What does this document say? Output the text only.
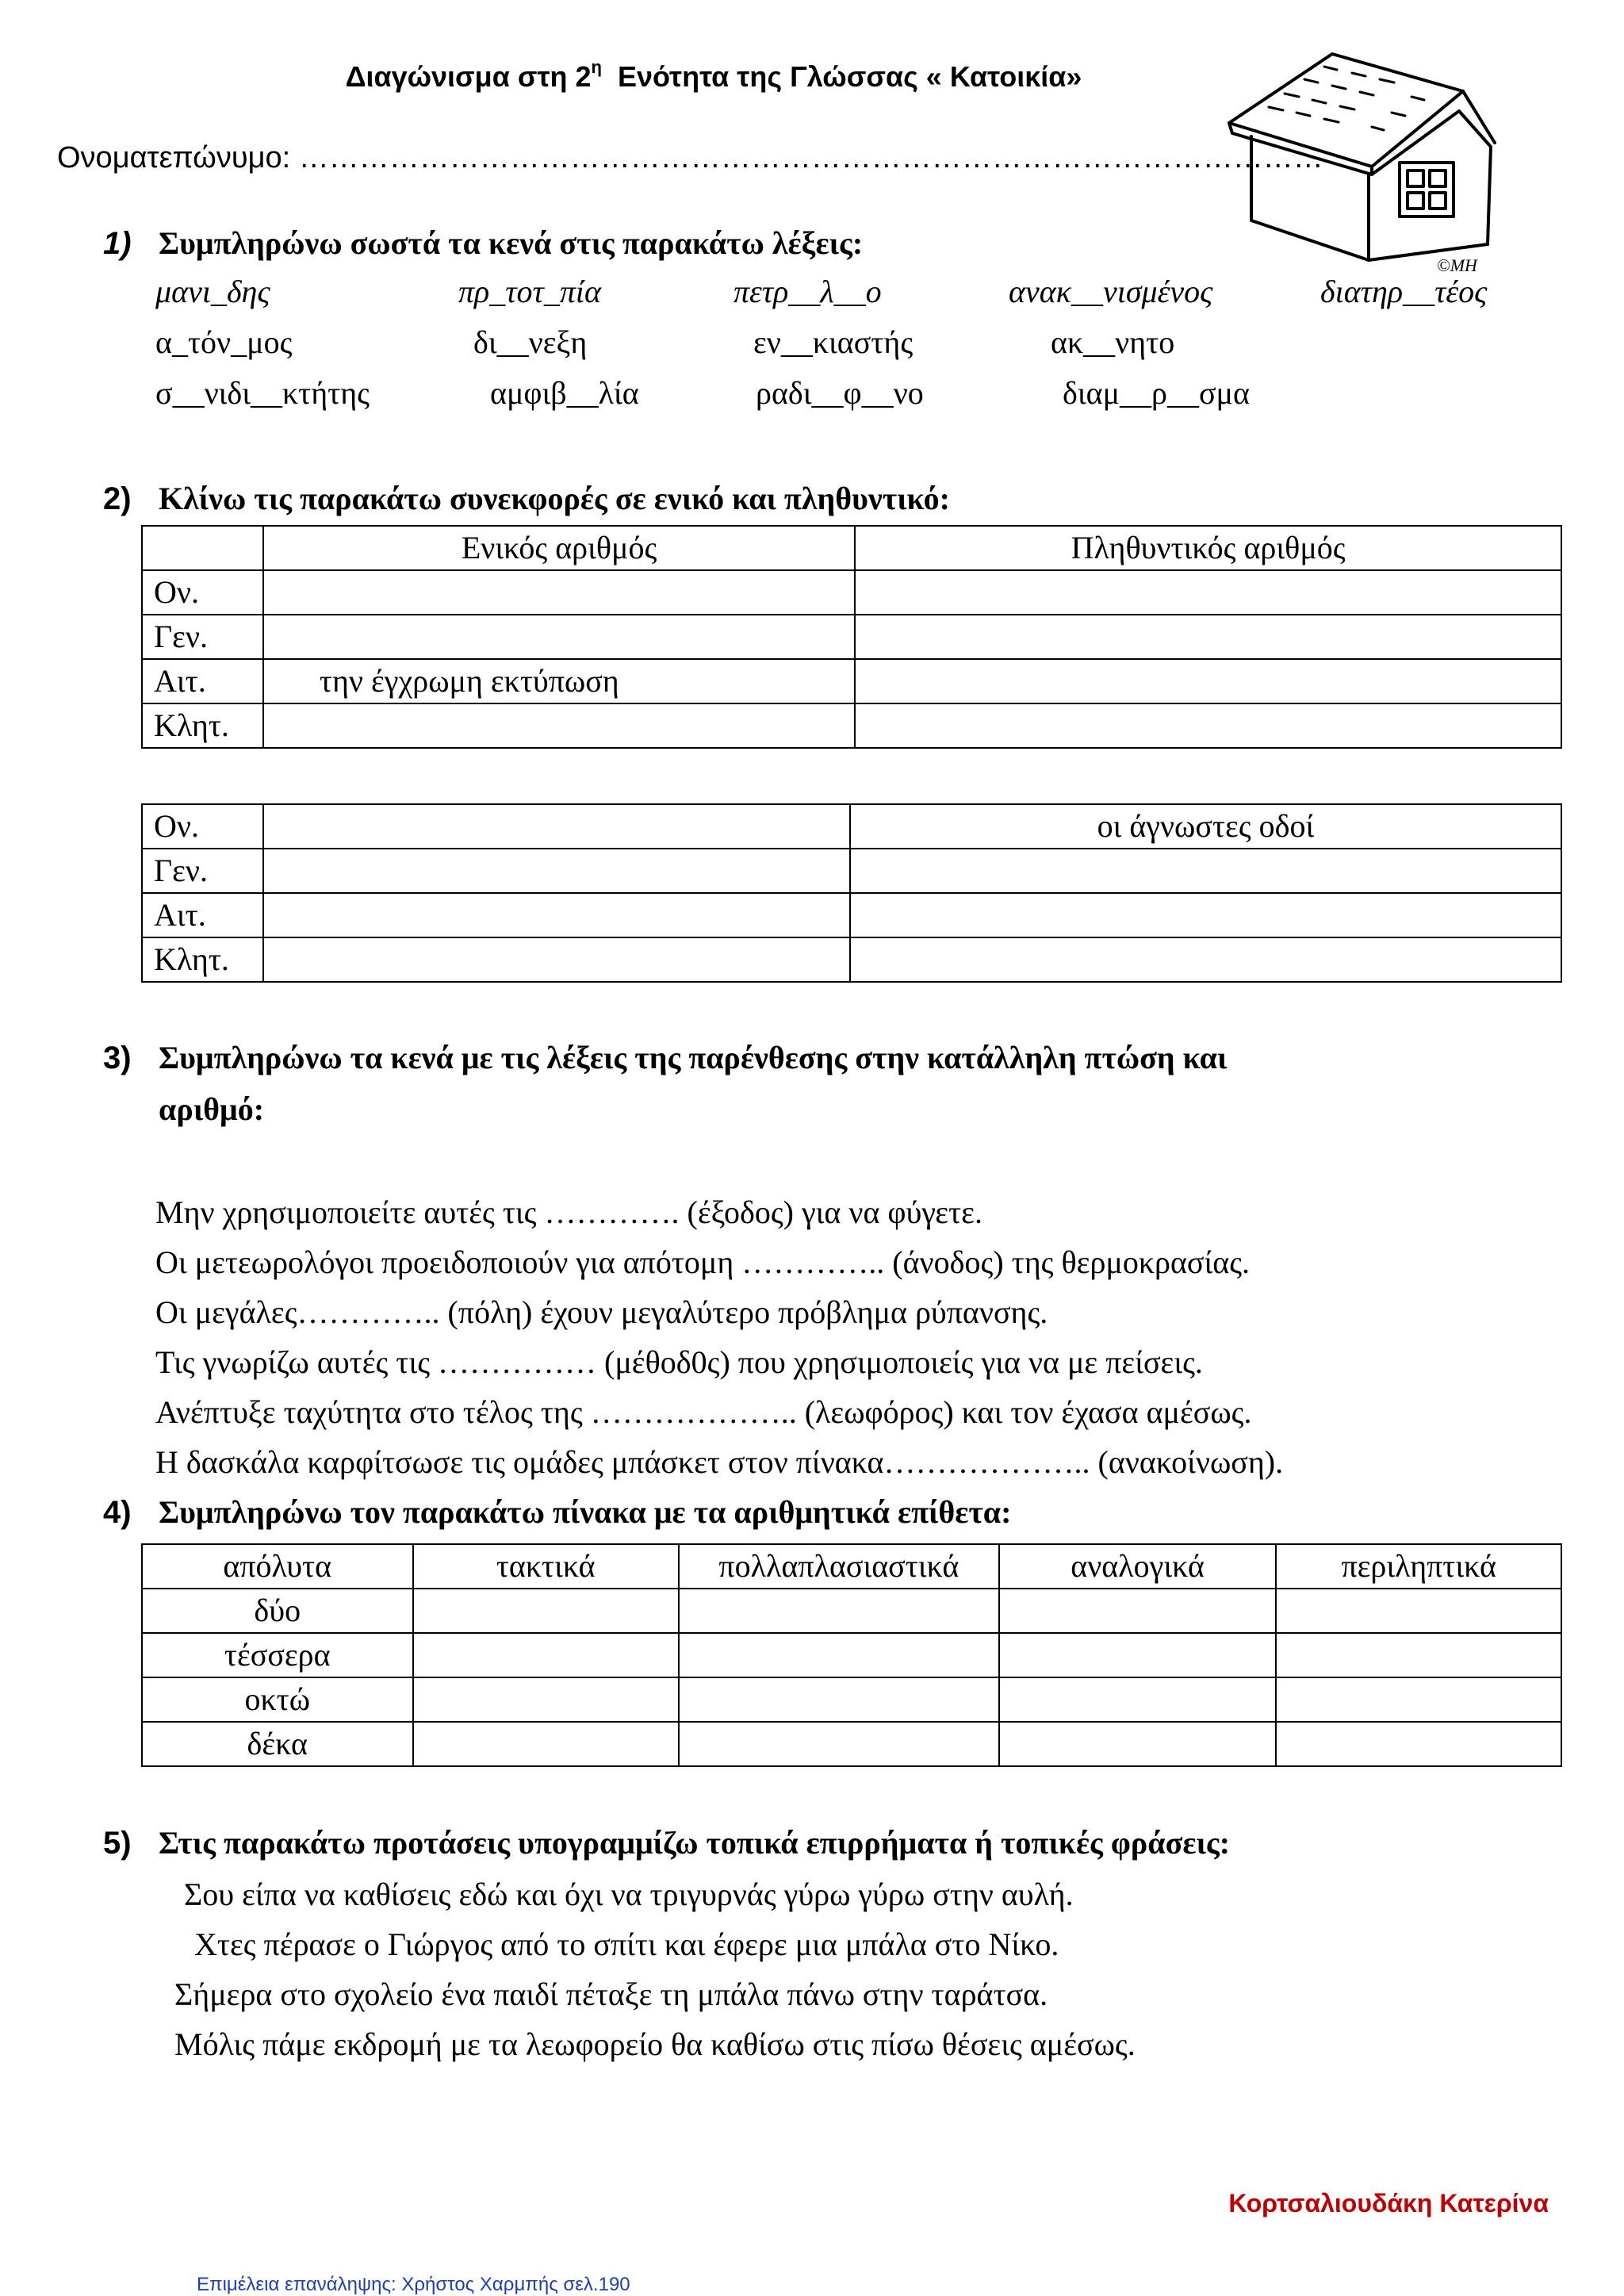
Διαγώνισμα στη $2^\eta$ Ενότητα της Γλώσσας « Κατοικία»
Ονοματεπώνυμο: …………………………………………………………………………………………
©MH
1) Συμπληρώνω σωστά τα κενά στις παρακάτω λέξεις:
μανι_δης	πρ_τοτ_πία	πετρ__λ__ο	ανακ__νισμένος	διατηρ__τέος
α_τόν_μος	δι__νεξη	εν__κιαστής	ακ__νητο
σ__νιδι__κτήτης	αμφιβ__λία	ραδι__φ__νο	διαμ__ρ__σμα
2) Κλίνω τις παρακάτω συνεκφορές σε ενικό και πληθυντικό:
	Ενικός αριθμός	Πληθυντικός αριθμός
Ον.		
Γεν.		
Αιτ.	την έγχρωμη εκτύπωση	
Κλητ.		
Ον.		οι άγνωστες οδοί
Γεν.		
Αιτ.		
Κλητ.		
3) Συμπληρώνω τα κενά με τις λέξεις της παρένθεσης στην κατάλληλη πτώση και
αριθμό:
Μην χρησιμοποιείτε αυτές τις …………. (έξοδος) για να φύγετε.
Οι μετεωρολόγοι προειδοποιούν για απότομη ………….. (άνοδος) της θερμοκρασίας.
Οι μεγάλες………….. (πόλη) έχουν μεγαλύτερο πρόβλημα ρύπανσης.
Τις γνωρίζω αυτές τις …………… (μέθοδ0ς) που χρησιμοποιείς για να με πείσεις.
Ανέπτυξε ταχύτητα στο τέλος της ……………….. (λεωφόρος) και τον έχασα αμέσως.
Η δασκάλα καρφίτσωσε τις ομάδες μπάσκετ στον πίνακα……………….. (ανακοίνωση).
4) Συμπληρώνω τον παρακάτω πίνακα με τα αριθμητικά επίθετα:
απόλυτα	τακτικά	πολλαπλασιαστικά	αναλογικά	περιληπτικά
δύο				
τέσσερα				
οκτώ				
δέκα				
5) Στις παρακάτω προτάσεις υπογραμμίζω τοπικά επιρρήματα ή τοπικές φράσεις:
Σου είπα να καθίσεις εδώ και όχι να τριγυρνάς γύρω γύρω στην αυλή.
Χτες πέρασε ο Γιώργος από το σπίτι και έφερε μια μπάλα στο Νίκο.
Σήμερα στο σχολείο ένα παιδί πέταξε τη μπάλα πάνω στην ταράτσα.
Μόλις πάμε εκδρομή με τα λεωφορείο θα καθίσω στις πίσω θέσεις αμέσως.
Κορτσαλιουδάκη Κατερίνα
Επιμέλεια επανάληψης: Χρήστος Χαρμπής σελ.190
